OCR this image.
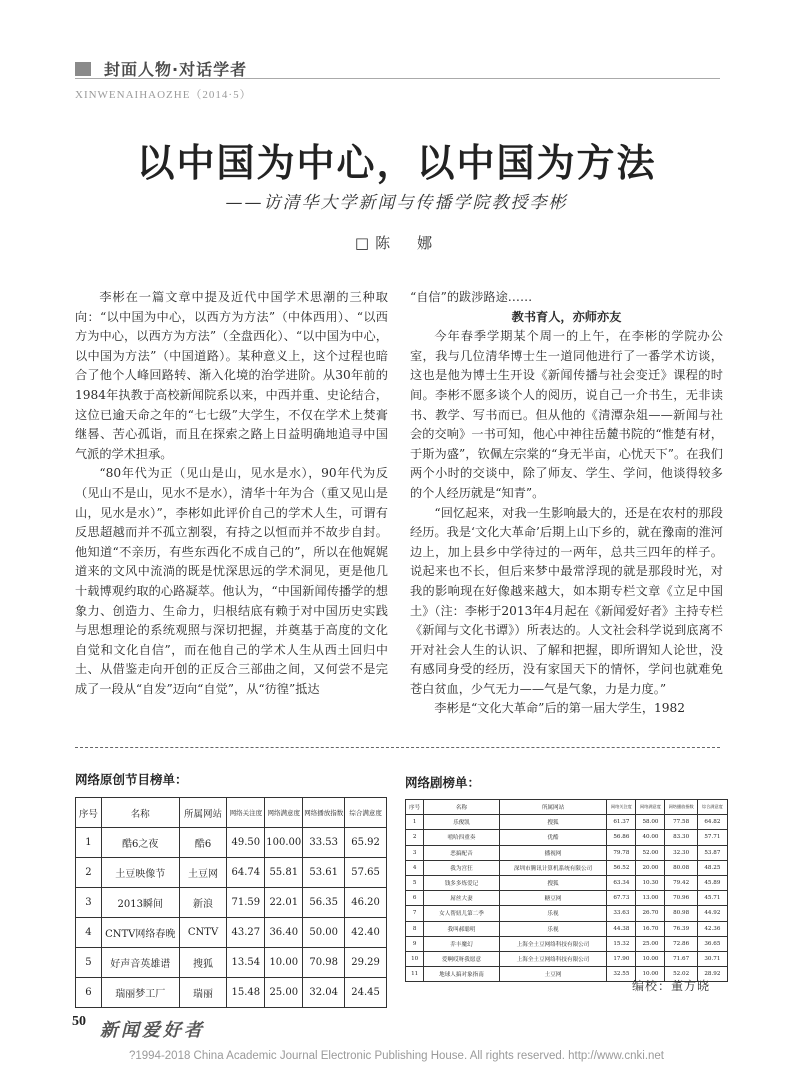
封面人物·对话学者
XINWENAIHAOZHE（2014·5）
以中国为中心，以中国为方法
——访清华大学新闻与传播学院教授李彬
□陈　娜

李彬在一篇文章中提及近代中国学术思潮的三种取向：“以中国为中心，以西方为方法”（中体西用）、“以西方为中心，以西方为方法”（全盘西化）、“以中国为中心，以中国为方法”（中国道路）。某种意义上，这个过程也暗合了他个人峰回路转、渐入化境的治学进阶。从30年前的1984年执教于高校新闻院系以来，中西并重、史论结合，这位已逾天命之年的“七七级”大学生，不仅在学术上焚膏继晷、苦心孤诣，而且在探索之路上日益明确地追寻中国气派的学术担承。

“80年代为正（见山是山，见水是水），90年代为反（见山不是山，见水不是水），清华十年为合（重又见山是山，见水是水）”，李彬如此评价自己的学术人生，可谓有反思超越而并不孤立割裂，有持之以恒而并不故步自封。他知道“不亲历，有些东西化不成自己的”，所以在他娓娓道来的文风中流淌的既是忧深思远的学术洞见，更是他几十载博观约取的心路凝萃。他认为，“中国新闻传播学的想象力、创造力、生命力，归根结底有赖于对中国历史实践与思想理论的系统观照与深切把握，并奠基于高度的文化自觉和文化自信”，而在他自己的学术人生从西土回归中土、从借鉴走向开创的正反合三部曲之间，又何尝不是完成了一段从“自发”迈向“自觉”，从“彷徨”抵达

“自信”的跋涉路途……

教书育人，亦师亦友

今年春季学期某个周一的上午，在李彬的学院办公室，我与几位清华博士生一道同他进行了一番学术访谈，这也是他为博士生开设《新闻传播与社会变迁》课程的时间。李彬不愿多谈个人的阅历，说自己一介书生，无非读书、教学、写书而已。但从他的《清潭杂俎——新闻与社会的交响》一书可知，他心中神往岳麓书院的“惟楚有材，于斯为盛”，钦佩左宗棠的“身无半亩，心忧天下”。在我们两个小时的交谈中，除了师友、学生、学问，他谈得较多的个人经历就是“知青”。

“回忆起来，对我一生影响最大的，还是在农村的那段经历。我是‘文化大革命’后期上山下乡的，就在豫南的淮河边上，加上县乡中学待过的一两年，总共三四年的样子。说起来也不长，但后来梦中最常浮现的就是那段时光，对我的影响现在好像越来越大，如本期专栏文章《立足中国土》（注：李彬于2013年4月起在《新闻爱好者》主持专栏《新闻与文化书谭》）所表达的。人文社会科学说到底离不开对社会人生的认识、了解和把握，即所谓知人论世，没有感同身受的经历，没有家国天下的情怀，学问也就难免苍白贫血，少气无力——气是气象，力是力度。”

李彬是“文化大革命”后的第一届大学生，1982

网络原创节目榜单：
序号	名称	所属网站	网络关注度	网络满意度	网络播放指数	综合满意度
1	酷6之夜	酷6	49.50	100.00	33.53	65.92
2	土豆映像节	土豆网	64.74	55.81	53.61	57.65
3	2013瞬间	新浪	71.59	22.01	56.35	46.20
4	CNTV网络春晚	CNTV	43.27	36.40	50.00	42.40
5	好声音英雄谱	搜狐	13.54	10.00	70.98	29.29
6	瑞丽梦工厂	瑞丽	15.48	25.00	32.04	24.45
网络剧榜单：
序号	名称	所属网站	网络关注度	网络满意度	网络播放指数	综合满意度
1	乐俊凯	搜狐	61.37	58.00	77.58	64.82
2	嘻哈四重奏	优酷	56.86	40.00	83.30	57.71
3	恶搞配音	播视网	79.78	52.00	32.30	53.87
4	我为宫狂	深圳市腾讯计算机系统有限公司	56.52	20.00	80.08	48.25
5	钱多多炼爱记	搜狐	63.34	10.30	79.42	45.89
6	屌丝大妻	糖豆网	67.73	13.00	70.96	45.71
7	女人帮妞儿第二季	乐视	33.63	26.70	80.98	44.92
8	我叫郝聪明	乐视	44.38	16.70	76.39	42.36
9	乔丰魔幻	上海全土豆网络科技有限公司	15.32	25.00	72.86	36.65
10	爱啊哎呀我愿意	上海全土豆网络科技有限公司	17.90	10.00	71.67	30.71
11	地球人搞对象指南	土豆网	32.55	10.00	52.02	28.92
编校：董方晓
50 新闻爱好者
?1994-2018 China Academic Journal Electronic Publishing House. All rights reserved. http://www.cnki.net
